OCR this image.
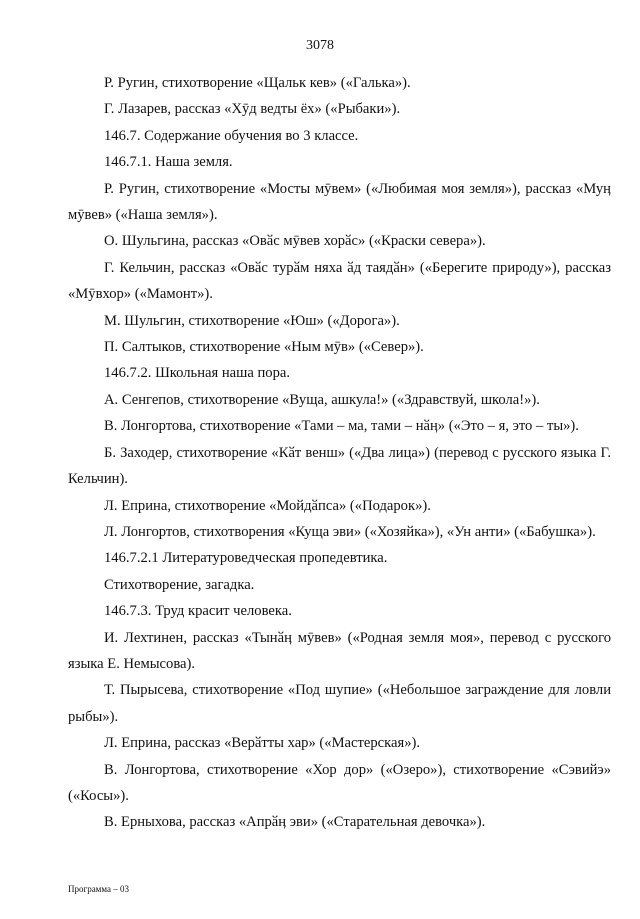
3078

Р. Ругин, стихотворение «Щальк кев» («Галька»).

Г. Лазарев, рассказ «Хӯд ведты ёх» («Рыбаки»).

146.7. Содержание обучения во 3 классе.

146.7.1. Наша земля.

Р. Ругин, стихотворение «Мосты мӯвем» («Любимая моя земля»), рассказ «Муӊ мӯвев» («Наша земля»).

О. Шульгина, рассказ «Овӑс мӯвев хорӑс» («Краски севера»).

Г. Кельчин, рассказ «Овӑс турӑм няха ӑд таядӑн» («Берегите природу»), рассказ «Мӯвхор» («Мамонт»).

М. Шульгин, стихотворение «Юш» («Дорога»).

П. Салтыков, стихотворение «Ным мӯв» («Север»).

146.7.2. Школьная наша пора.

А. Сенгепов, стихотворение «Вуща, ашкула!» («Здравствуй, школа!»).

В. Лонгортова, стихотворение «Тами – ма, тами – нӑӊ» («Это – я, это – ты»).

Б. Заходер, стихотворение «Кӑт венш» («Два лица») (перевод с русского языка Г. Кельчин).

Л. Еприна, стихотворение «Мойдӑпса» («Подарок»).

Л. Лонгортов, стихотворения «Куща эви» («Хозяйка»), «Ун анти» («Бабушка»).

146.7.2.1 Литературоведческая пропедевтика.

Стихотворение, загадка.

146.7.3. Труд красит человека.

И. Лехтинен, рассказ «Тынӑӊ мӯвев» («Родная земля моя», перевод с русского языка Е. Немысова).

Т. Пырысева, стихотворение «Под шупие» («Небольшое заграждение для ловли рыбы»).

Л. Еприна, рассказ «Верӑтты хар» («Мастерская»).

В. Лонгортова, стихотворение «Хор дор» («Озеро»), стихотворение «Сэвийэ» («Косы»).

В. Ерныхова, рассказ «Апрӑӊ эви» («Старательная девочка»).

Программа – 03
